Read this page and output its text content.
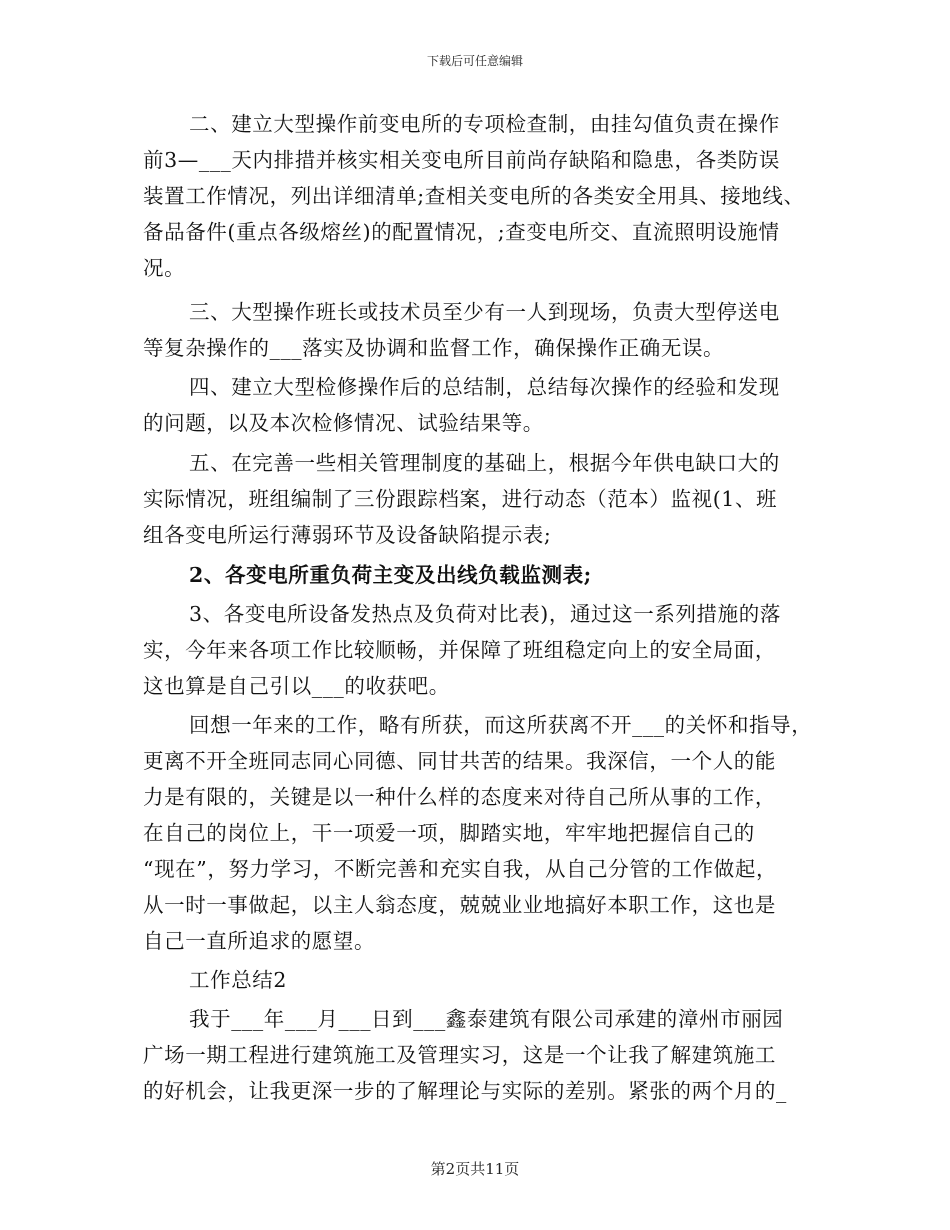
下载后可任意编辑
二、建立大型操作前变电所的专项检查制，由挂勾值负责在操作
前3—___天内排措并核实相关变电所目前尚存缺陷和隐患，各类防误
装置工作情况，列出详细清单;查相关变电所的各类安全用具、接地线、
备品备件(重点各级熔丝)的配置情况，;查变电所交、直流照明设施情
况。
三、大型操作班长或技术员至少有一人到现场，负责大型停送电
等复杂操作的___落实及协调和监督工作，确保操作正确无误。
四、建立大型检修操作后的总结制，总结每次操作的经验和发现
的问题，以及本次检修情况、试验结果等。
五、在完善一些相关管理制度的基础上，根据今年供电缺口大的
实际情况，班组编制了三份跟踪档案，进行动态（范本）监视(1、班
组各变电所运行薄弱环节及设备缺陷提示表;
2、各变电所重负荷主变及出线负载监测表;
3、各变电所设备发热点及负荷对比表)，通过这一系列措施的落
实，今年来各项工作比较顺畅，并保障了班组稳定向上的安全局面，
这也算是自己引以___的收获吧。
回想一年来的工作，略有所获，而这所获离不开___的关怀和指导，
更离不开全班同志同心同德、同甘共苦的结果。我深信，一个人的能
力是有限的，关键是以一种什么样的态度来对待自己所从事的工作，
在自己的岗位上，干一项爱一项，脚踏实地，牢牢地把握信自己的
“现在”，努力学习，不断完善和充实自我，从自己分管的工作做起，
从一时一事做起，以主人翁态度，兢兢业业地搞好本职工作，这也是
自己一直所追求的愿望。
工作总结2
我于___年___月___日到___鑫泰建筑有限公司承建的漳州市丽园
广场一期工程进行建筑施工及管理实习，这是一个让我了解建筑施工
的好机会，让我更深一步的了解理论与实际的差别。紧张的两个月的_
第2页共11页
